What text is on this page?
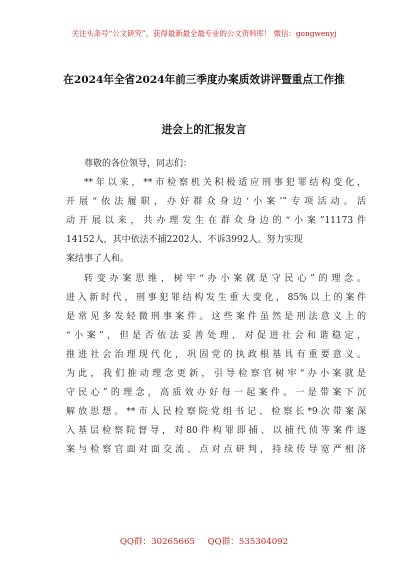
关注头条号“公文研究”，获得最新最全最专业的公文资料库！ 微信：gongwenyj
在2024年全省2024年前三季度办案质效讲评暨重点工作推
进会上的汇报发言
尊敬的各位领导，同志们：
**年以来，**市检察机关积极适应刑事犯罪结构变化，
开展“依法履职，办好群众身边‘小案’”专项活动。活
动开展以来，共办理发生在群众身边的“小案”11173件
14152人，其中依法不捕2202人、不诉3992人。努力实现
案结事了人和。
转变办案思维，树牢“办小案就是守民心”的理念。
进入新时代，刑事犯罪结构发生重大变化，85%以上的案件
是常见多发轻微刑事案件。这些案件虽然是刑法意义上的
“小案”，但是否依法妥善处理，对促进社会和谐稳定，
推进社会治理现代化，巩固党的执政根基具有重要意义。
为此，我们推动理念更新，引导检察官树牢“办小案就是
守民心”的理念，高质效办好每一起案件。一是带案下沉
解放思想。**市人民检察院党组书记、检察长*9次带案深
入基层检察院督导，对80件构罪即捕、以捕代侦等案件逐
案与检察官面对面交流、点对点研判，持续传导宽严相济
QQ群：30265665 QQ群：535304092
